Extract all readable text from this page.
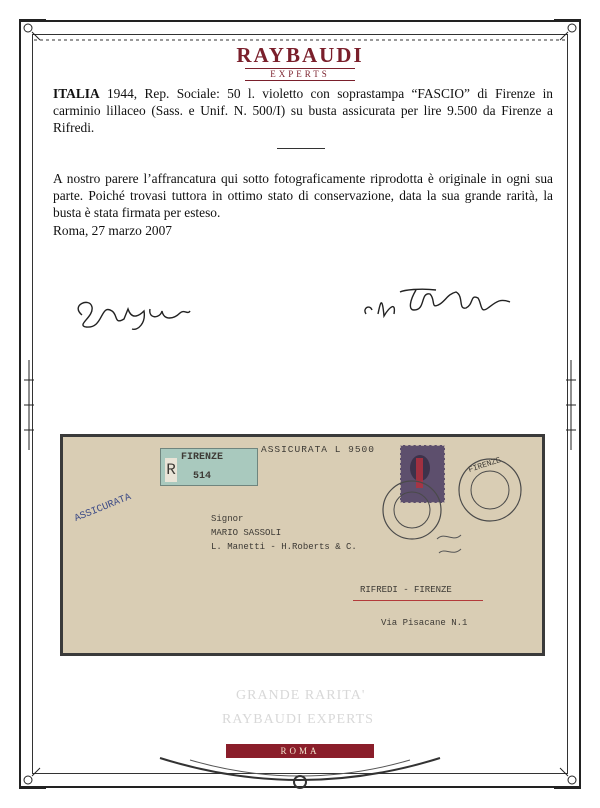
RAYBAUDI
EXPERTS
ITALIA 1944, Rep. Sociale: 50 l. violetto con soprastampa “FASCIO” di Firenze in carminio lillaceo (Sass. e Unif. N. 500/I) su busta assicurata per lire 9.500 da Firenze a Rifredi.
A nostro parere l’affrancatura qui sotto fotograficamente riprodotta è originale in ogni sua parte. Poiché trovasi tuttora in ottimo stato di conservazione, data la sua grande rarità, la busta è stata firmata per esteso.
Roma, 27 marzo 2007
ASSICURATA L 9500
R
FIRENZE
514
ASSICURATA
FIRENZE
Signor
MARIO SASSOLI
L. Manetti - H.Roberts & C.
RIFREDI - FIRENZE
Via Pisacane N.1
GRANDE RARITA'
RAYBAUDI EXPERTS
ROMA
